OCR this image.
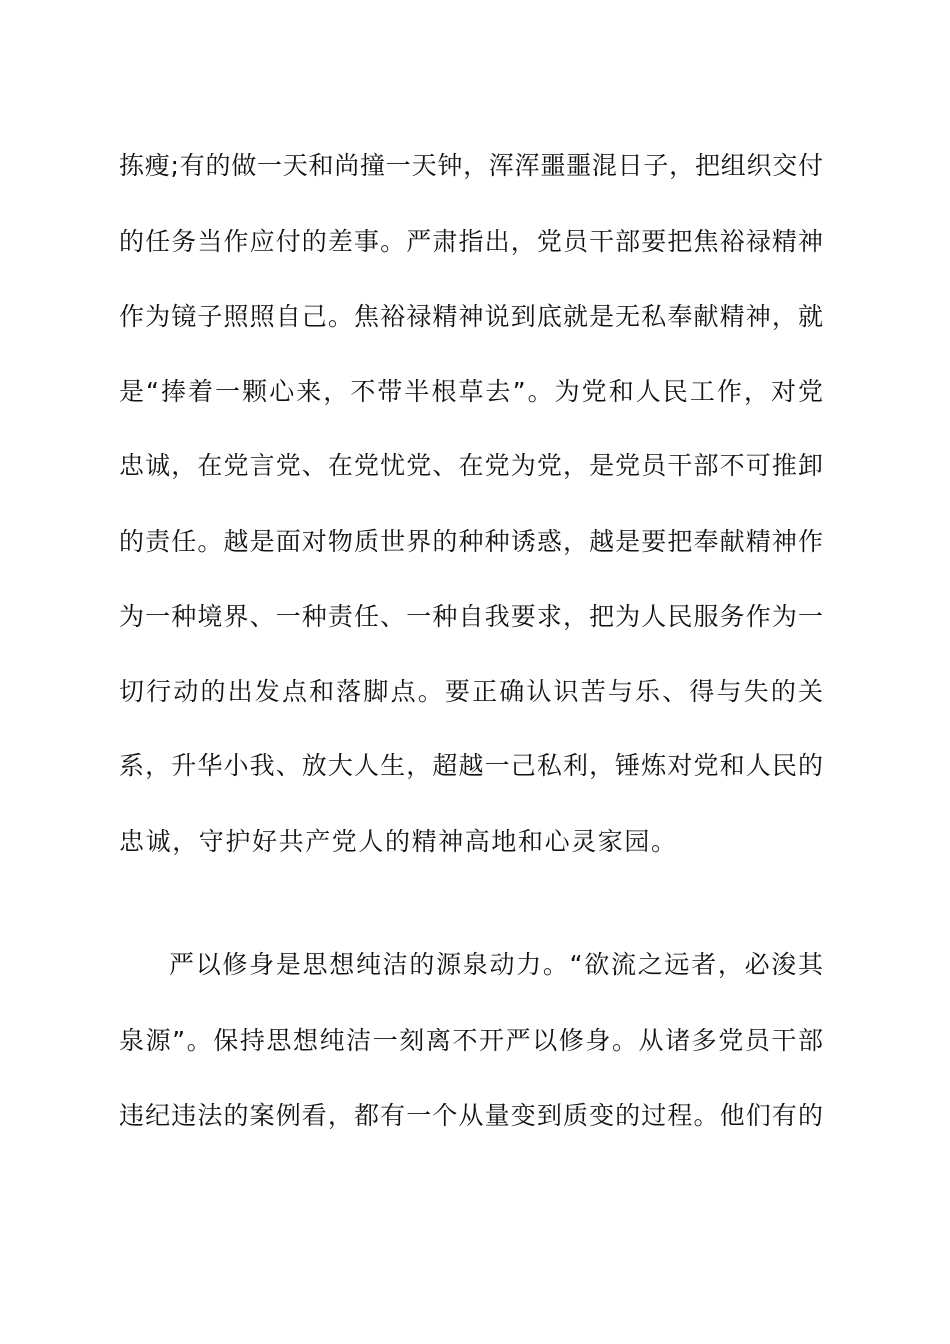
拣瘦;有的做一天和尚撞一天钟，浑浑噩噩混日子，把组织交付
的任务当作应付的差事。严肃指出，党员干部要把焦裕禄精神
作为镜子照照自己。焦裕禄精神说到底就是无私奉献精神，就
是“捧着一颗心来，不带半根草去”。为党和人民工作，对党
忠诚，在党言党、在党忧党、在党为党，是党员干部不可推卸
的责任。越是面对物质世界的种种诱惑，越是要把奉献精神作
为一种境界、一种责任、一种自我要求，把为人民服务作为一
切行动的出发点和落脚点。要正确认识苦与乐、得与失的关
系，升华小我、放大人生，超越一己私利，锤炼对党和人民的
忠诚，守护好共产党人的精神高地和心灵家园。
严以修身是思想纯洁的源泉动力。“欲流之远者，必浚其
泉源”。保持思想纯洁一刻离不开严以修身。从诸多党员干部
违纪违法的案例看，都有一个从量变到质变的过程。他们有的
